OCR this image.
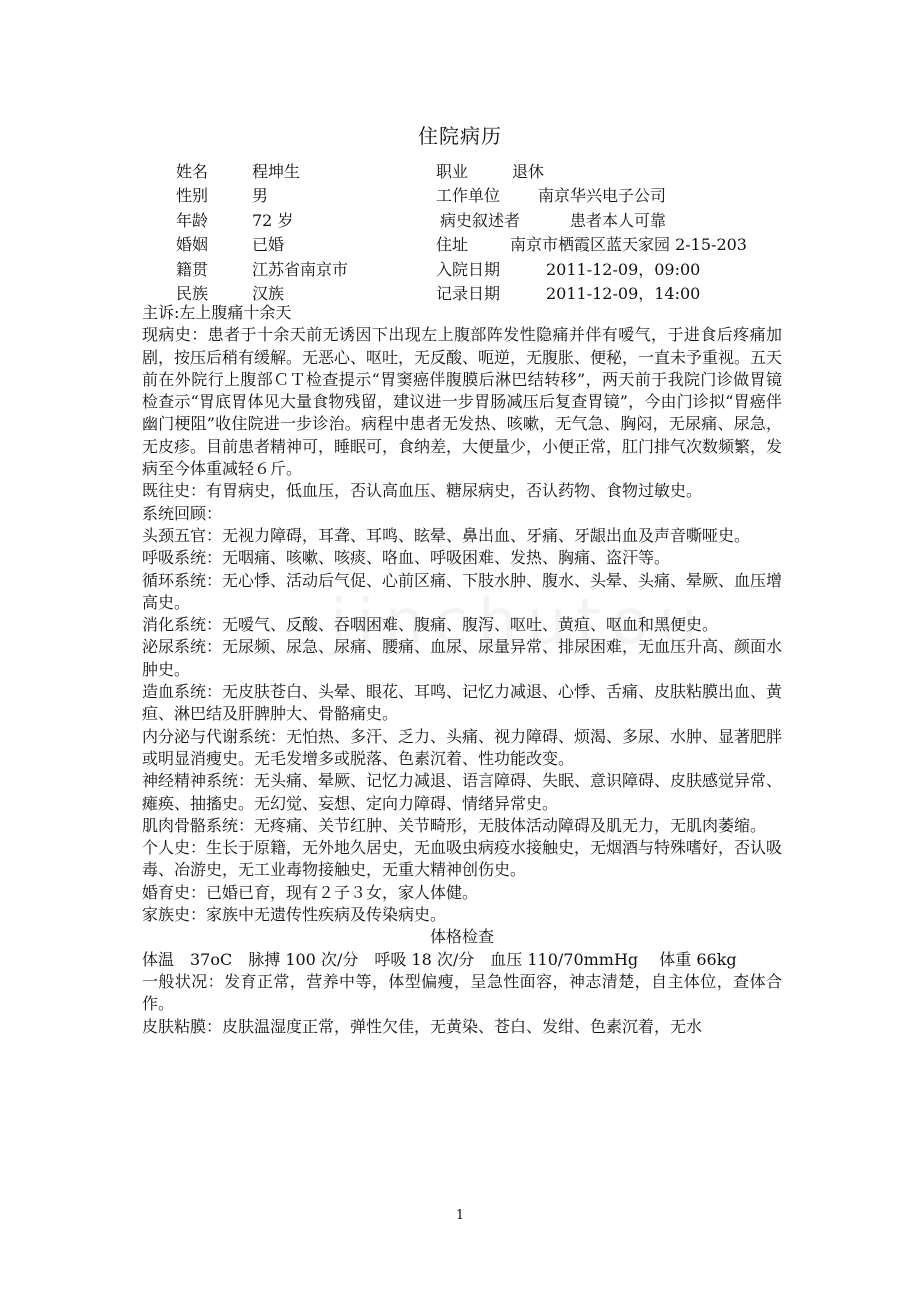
住院病历
姓名	程坤生	职业	退休
性别	男	工作单位 南京华兴电子公司
年龄	72 岁	病史叙述者	患者本人可靠
婚姻	已婚	住址	南京市栖霞区蓝天家园 2-15-203
籍贯	江苏省南京市	入院日期	2011-12-09，09:00
民族	汉族	记录日期	2011-12-09，14:00

主诉:左上腹痛十余天

现病史：患者于十余天前无诱因下出现左上腹部阵发性隐痛并伴有嗳气，于进食后疼痛加剧，按压后稍有缓解。无恶心、呕吐，无反酸、呃逆，无腹胀、便秘，一直未予重视。五天前在外院行上腹部ＣＴ检查提示“胃窦癌伴腹膜后淋巴结转移”，两天前于我院门诊做胃镜检查示“胃底胃体见大量食物残留，建议进一步胃肠减压后复查胃镜”，今由门诊拟“胃癌伴幽门梗阻”收住院进一步诊治。病程中患者无发热、咳嗽，无气急、胸闷，无尿痛、尿急，无皮疹。目前患者精神可，睡眠可，食纳差，大便量少，小便正常，肛门排气次数频繁，发病至今体重减轻６斤。

既往史：有胃病史，低血压，否认高血压、糖尿病史，否认药物、食物过敏史。

系统回顾：

头颈五官：无视力障碍，耳聋、耳鸣、眩晕、鼻出血、牙痛、牙龈出血及声音嘶哑史。

呼吸系统：无咽痛、咳嗽、咳痰、咯血、呼吸困难、发热、胸痛、盗汗等。

循环系统：无心悸、活动后气促、心前区痛、下肢水肿、腹水、头晕、头痛、晕厥、血压增高史。

消化系统：无嗳气、反酸、吞咽困难、腹痛、腹泻、呕吐、黄疸、呕血和黑便史。

泌尿系统：无尿频、尿急、尿痛、腰痛、血尿、尿量异常、排尿困难，无血压升高、颜面水肿史。

造血系统：无皮肤苍白、头晕、眼花、耳鸣、记忆力减退、心悸、舌痛、皮肤粘膜出血、黄疸、淋巴结及肝脾肿大、骨骼痛史。

内分泌与代谢系统：无怕热、多汗、乏力、头痛、视力障碍、烦渴、多尿、水肿、显著肥胖或明显消瘦史。无毛发增多或脱落、色素沉着、性功能改变。

神经精神系统：无头痛、晕厥、记忆力减退、语言障碍、失眠、意识障碍、皮肤感觉异常、瘫痪、抽搐史。无幻觉、妄想、定向力障碍、情绪异常史。

肌肉骨骼系统：无疼痛、关节红肿、关节畸形，无肢体活动障碍及肌无力，无肌肉萎缩。

个人史：生长于原籍，无外地久居史，无血吸虫病疫水接触史，无烟酒与特殊嗜好，否认吸毒、冶游史，无工业毒物接触史，无重大精神创伤史。

婚育史：已婚已育，现有２子３女，家人体健。

家族史：家族中无遗传性疾病及传染病史。

体格检查

体温　37oC　脉搏 100 次/分　呼吸 18 次/分　血压 110/70mmHg　 体重 66kg

一般状况：发育正常，营养中等，体型偏瘦，呈急性面容，神志清楚，自主体位，查体合作。

皮肤粘膜：皮肤温湿度正常，弹性欠佳，无黄染、苍白、发绀、色素沉着，无水

1
